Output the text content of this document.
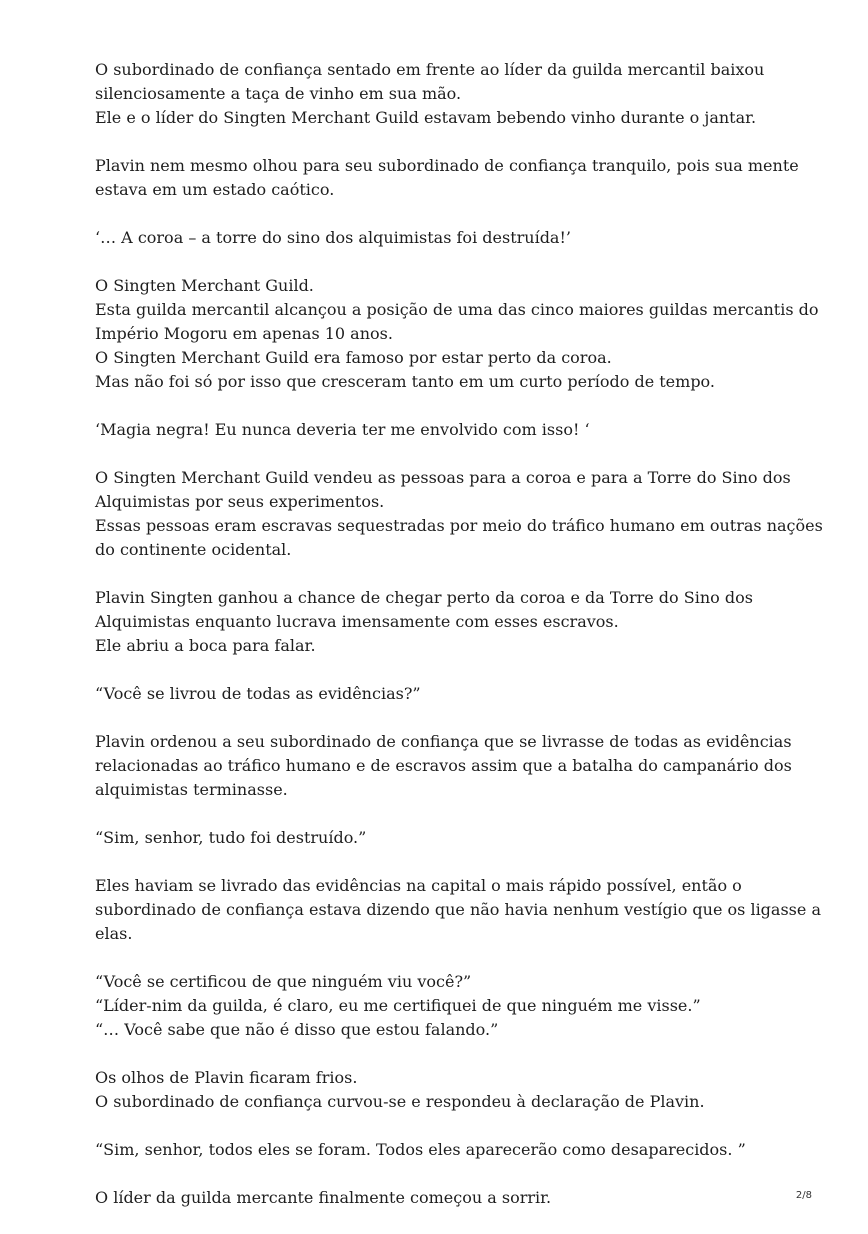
O subordinado de confiança sentado em frente ao líder da guilda mercantil baixou
silenciosamente a taça de vinho em sua mão.
Ele e o líder do Singten Merchant Guild estavam bebendo vinho durante o jantar.

Plavin nem mesmo olhou para seu subordinado de confiança tranquilo, pois sua mente
estava em um estado caótico.

‘… A coroa – a torre do sino dos alquimistas foi destruída!’

O Singten Merchant Guild.
Esta guilda mercantil alcançou a posição de uma das cinco maiores guildas mercantis do
Império Mogoru em apenas 10 anos.
O Singten Merchant Guild era famoso por estar perto da coroa.
Mas não foi só por isso que cresceram tanto em um curto período de tempo.

‘Magia negra! Eu nunca deveria ter me envolvido com isso! ‘

O Singten Merchant Guild vendeu as pessoas para a coroa e para a Torre do Sino dos
Alquimistas por seus experimentos.
Essas pessoas eram escravas sequestradas por meio do tráfico humano em outras nações
do continente ocidental.

Plavin Singten ganhou a chance de chegar perto da coroa e da Torre do Sino dos
Alquimistas enquanto lucrava imensamente com esses escravos.
Ele abriu a boca para falar.

“Você se livrou de todas as evidências?”

Plavin ordenou a seu subordinado de confiança que se livrasse de todas as evidências
relacionadas ao tráfico humano e de escravos assim que a batalha do campanário dos
alquimistas terminasse.

“Sim, senhor, tudo foi destruído.”

Eles haviam se livrado das evidências na capital o mais rápido possível, então o
subordinado de confiança estava dizendo que não havia nenhum vestígio que os ligasse a
elas.

“Você se certificou de que ninguém viu você?”
“Líder-nim da guilda, é claro, eu me certifiquei de que ninguém me visse.”
“… Você sabe que não é disso que estou falando.”

Os olhos de Plavin ficaram frios.
O subordinado de confiança curvou-se e respondeu à declaração de Plavin.

“Sim, senhor, todos eles se foram. Todos eles aparecerão como desaparecidos. ”

O líder da guilda mercante finalmente começou a sorrir.	2/8
